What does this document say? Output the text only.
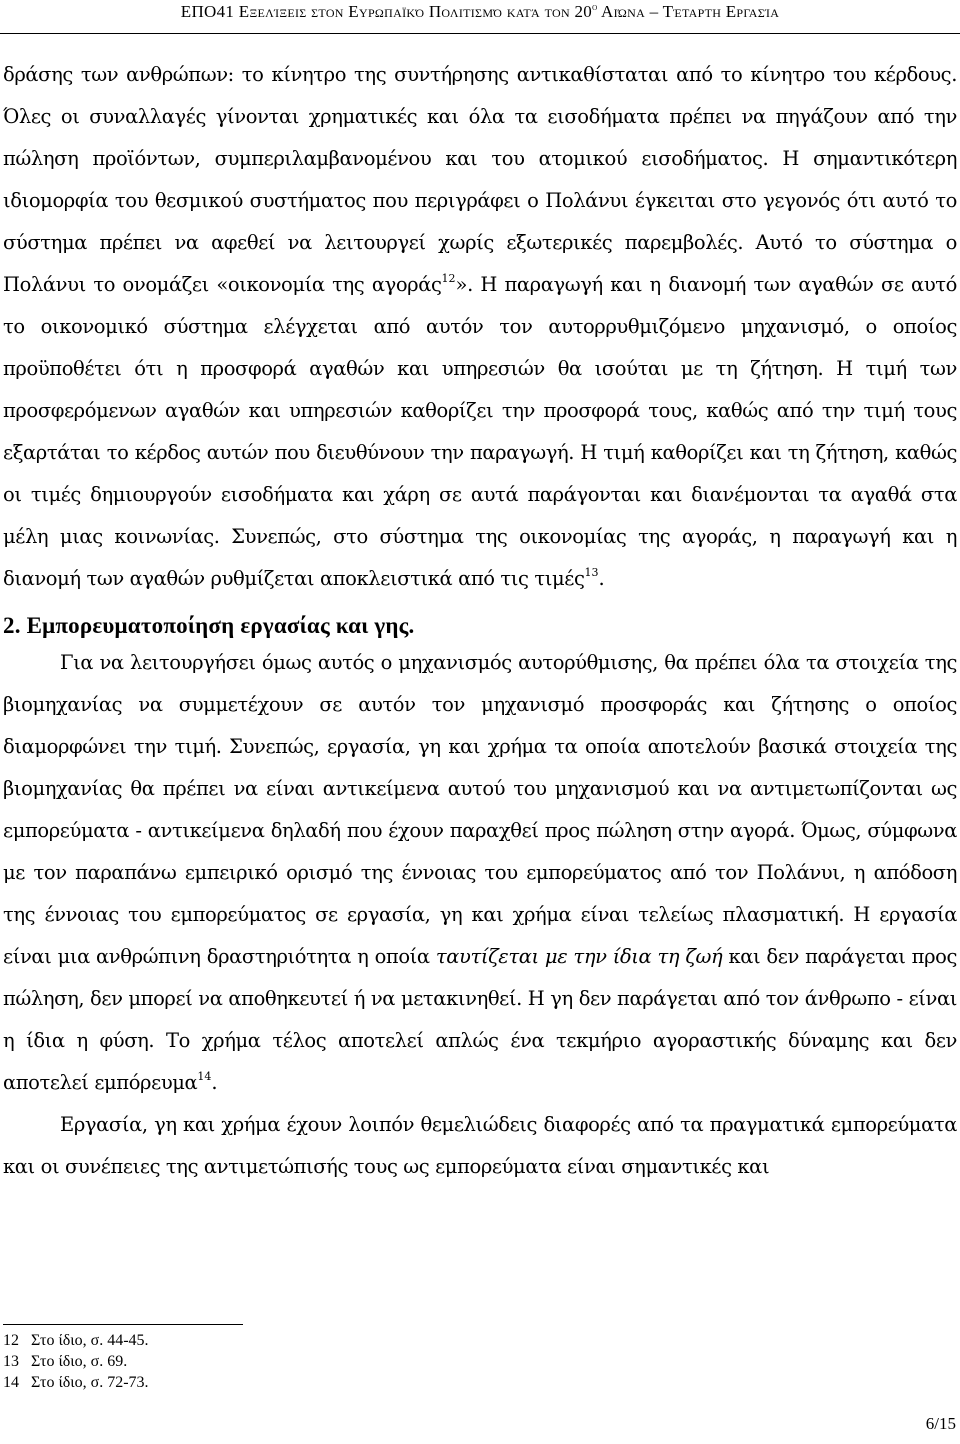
ΕΠΟ41 Εξελίξεις στον Ευρωπαϊκό Πολιτισμό κατά τον $20^o$ Αιώνα – Τέταρτη Εργασία

δράσης των ανθρώπων: το κίνητρο της συντήρησης αντικαθίσταται από το κίνητρο του κέρδους. Όλες οι συναλλαγές γίνονται χρηματικές και όλα τα εισοδήματα πρέπει να πηγάζουν από την πώληση προϊόντων, συμπεριλαμβανομένου και του ατομικού εισοδήματος. Η σημαντικότερη ιδιομορφία του θεσμικού συστήματος που περιγράφει ο Πολάνυι έγκειται στο γεγονός ότι αυτό το σύστημα πρέπει να αφεθεί να λειτουργεί χωρίς εξωτερικές παρεμβολές. Αυτό το σύστημα ο Πολάνυι το ονομάζει «οικονομία της αγοράς$^{12}$». Η παραγωγή και η διανομή των αγαθών σε αυτό το οικονομικό σύστημα ελέγχεται από αυτόν τον αυτορρυθμιζόμενο μηχανισμό, ο οποίος προϋποθέτει ότι η προσφορά αγαθών και υπηρεσιών θα ισούται με τη ζήτηση. Η τιμή των προσφερόμενων αγαθών και υπηρεσιών καθορίζει την προσφορά τους, καθώς από την τιμή τους εξαρτάται το κέρδος αυτών που διευθύνουν την παραγωγή. Η τιμή καθορίζει και τη ζήτηση, καθώς οι τιμές δημιουργούν εισοδήματα και χάρη σε αυτά παράγονται και διανέμονται τα αγαθά στα μέλη μιας κοινωνίας. Συνεπώς, στο σύστημα της οικονομίας της αγοράς, η παραγωγή και η διανομή των αγαθών ρυθμίζεται αποκλειστικά από τις τιμές$^{13}$.

2. Εμπορευματοποίηση εργασίας και γης.

Για να λειτουργήσει όμως αυτός ο μηχανισμός αυτορύθμισης, θα πρέπει όλα τα στοιχεία της βιομηχανίας να συμμετέχουν σε αυτόν τον μηχανισμό προσφοράς και ζήτησης ο οποίος διαμορφώνει την τιμή. Συνεπώς, εργασία, γη και χρήμα τα οποία αποτελούν βασικά στοιχεία της βιομηχανίας θα πρέπει να είναι αντικείμενα αυτού του μηχανισμού και να αντιμετωπίζονται ως εμπορεύματα - αντικείμενα δηλαδή που έχουν παραχθεί προς πώληση στην αγορά. Όμως, σύμφωνα με τον παραπάνω εμπειρικό ορισμό της έννοιας του εμπορεύματος από τον Πολάνυι, η απόδοση της έννοιας του εμπορεύματος σε εργασία, γη και χρήμα είναι τελείως πλασματική. Η εργασία είναι μια ανθρώπινη δραστηριότητα η οποία ταυτίζεται με την ίδια τη ζωή και δεν παράγεται προς πώληση, δεν μπορεί να αποθηκευτεί ή να μετακινηθεί. Η γη δεν παράγεται από τον άνθρωπο - είναι η ίδια η φύση. Το χρήμα τέλος αποτελεί απλώς ένα τεκμήριο αγοραστικής δύναμης και δεν αποτελεί εμπόρευμα$^{14}$.

Εργασία, γη και χρήμα έχουν λοιπόν θεμελιώδεις διαφορές από τα πραγματικά εμπορεύματα και οι συνέπειες της αντιμετώπισής τους ως εμπορεύματα είναι σημαντικές και

12 Στο ίδιο, σ. 44-45.
13 Στο ίδιο, σ. 69.
14 Στο ίδιο, σ. 72-73.
6/15
